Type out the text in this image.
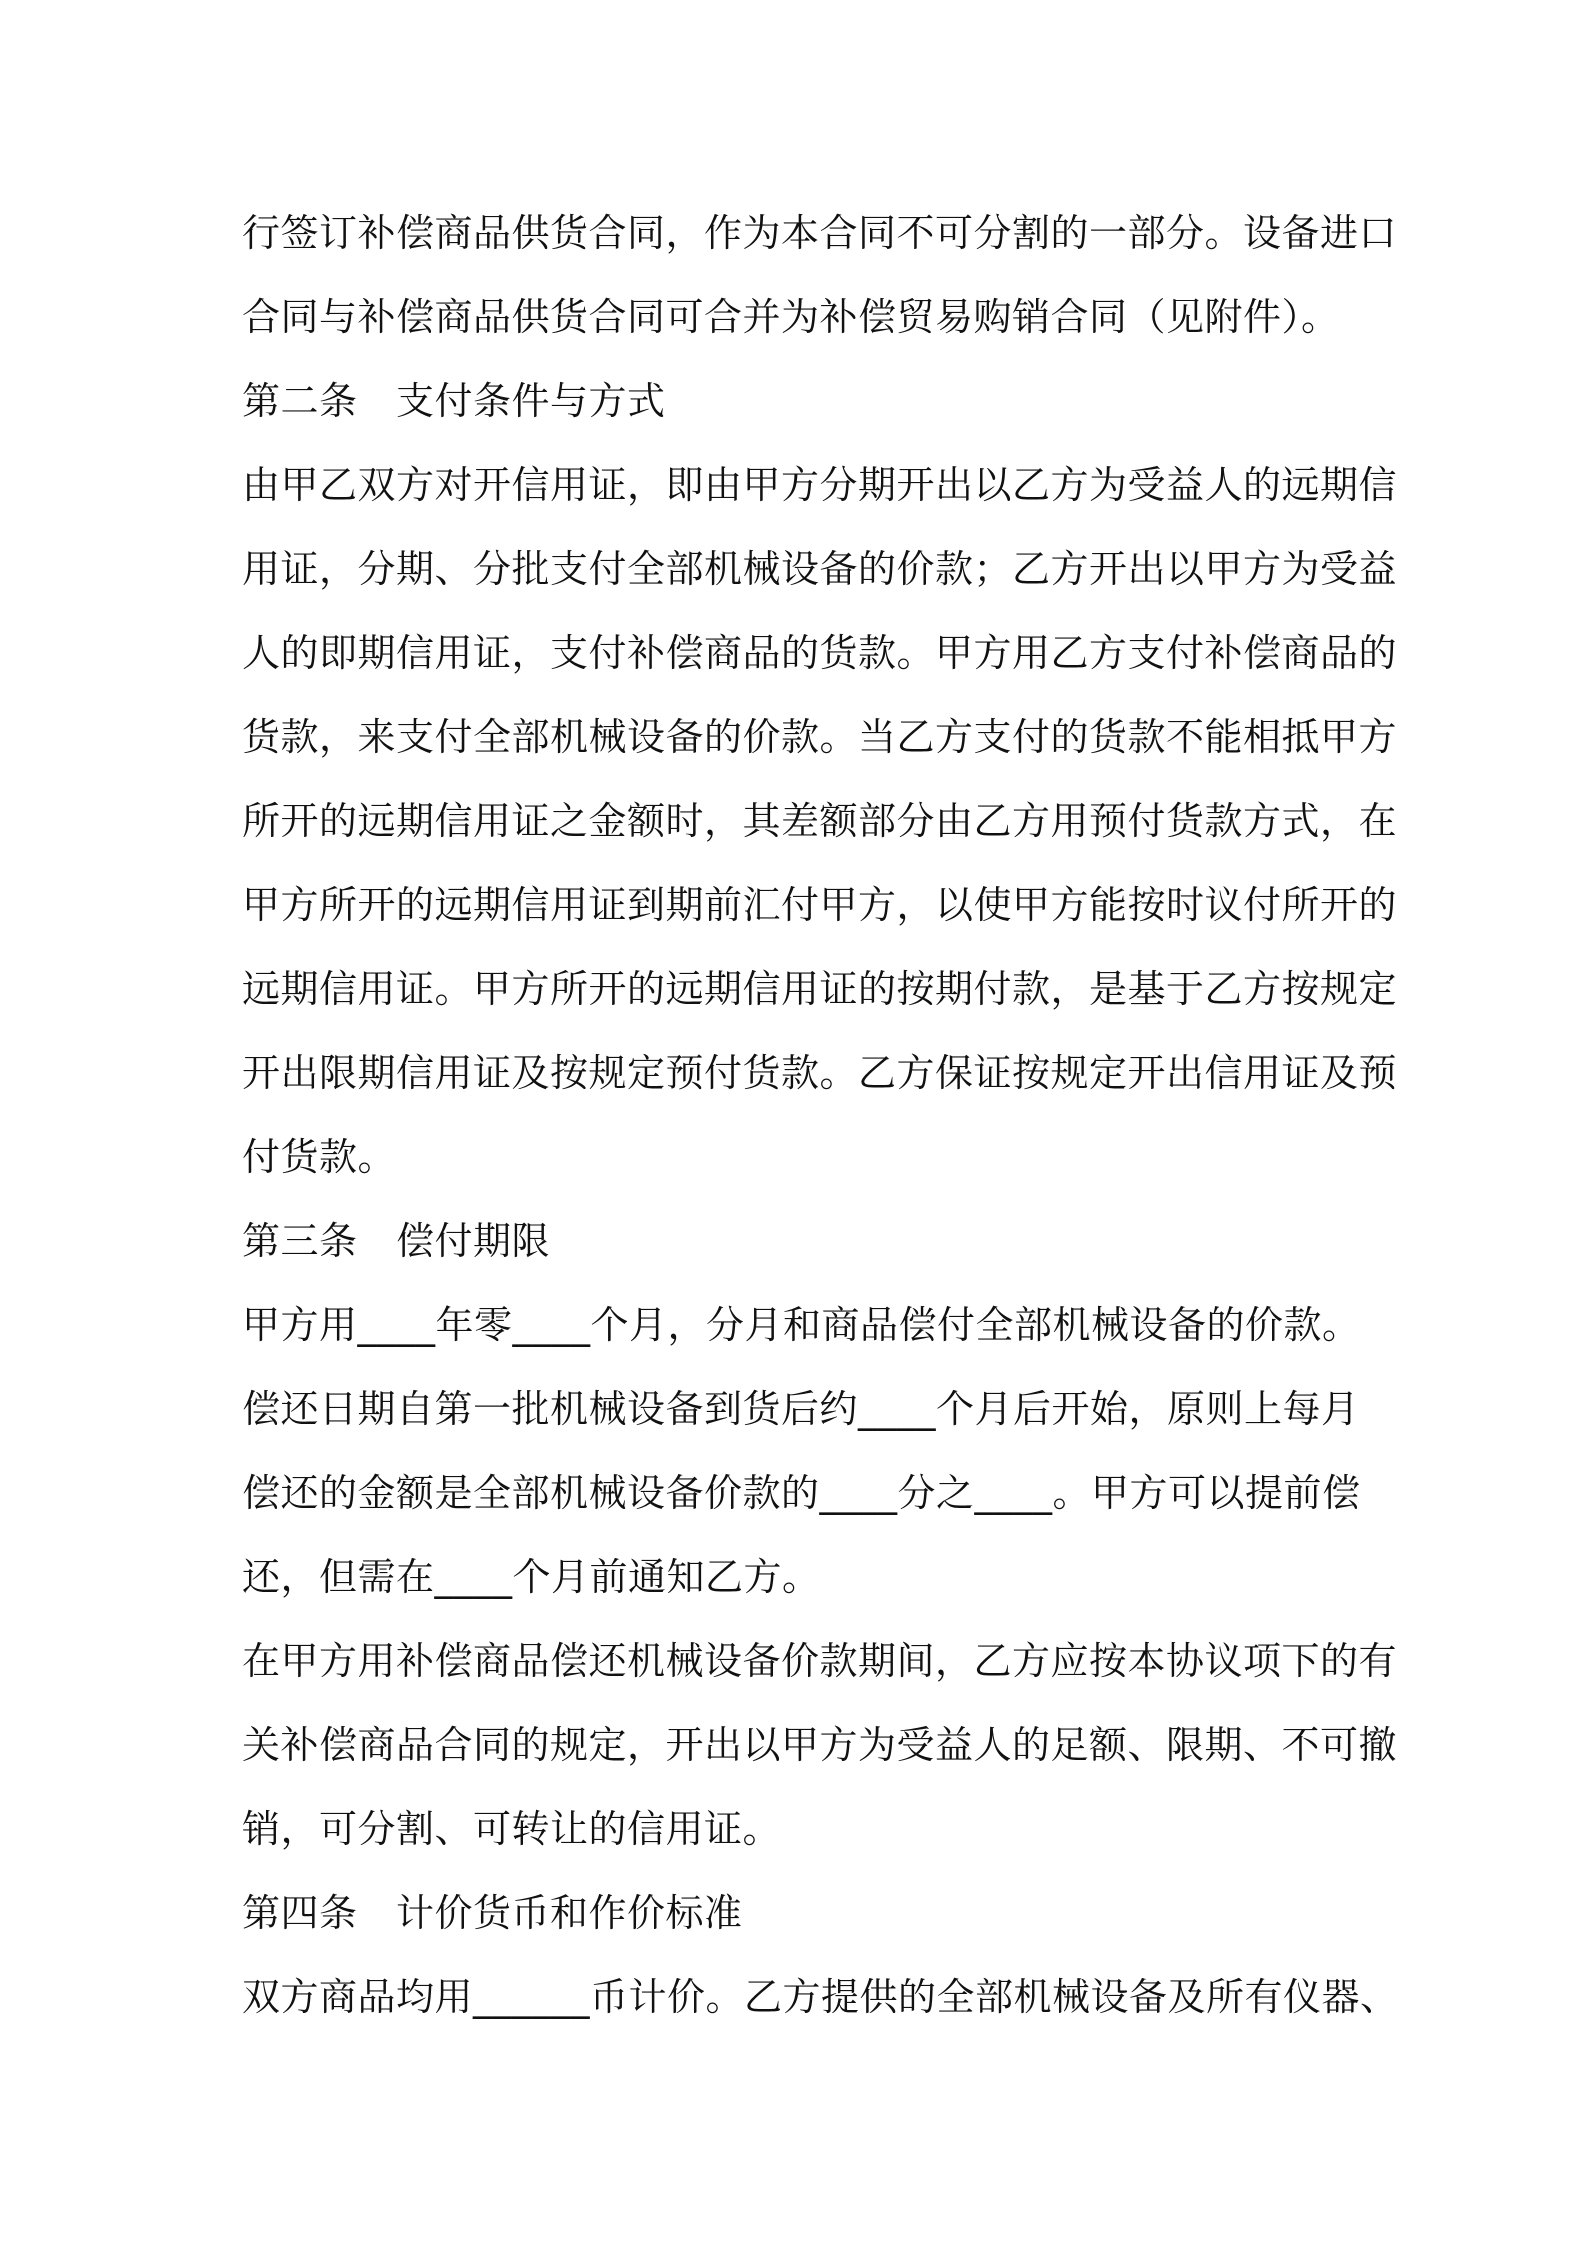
行签订补偿商品供货合同，作为本合同不可分割的一部分。设备进口
合同与补偿商品供货合同可合并为补偿贸易购销合同（见附件）。
第二条　支付条件与方式
由甲乙双方对开信用证，即由甲方分期开出以乙方为受益人的远期信
用证，分期、分批支付全部机械设备的价款；乙方开出以甲方为受益
人的即期信用证，支付补偿商品的货款。甲方用乙方支付补偿商品的
货款，来支付全部机械设备的价款。当乙方支付的货款不能相抵甲方
所开的远期信用证之金额时，其差额部分由乙方用预付货款方式，在
甲方所开的远期信用证到期前汇付甲方，以使甲方能按时议付所开的
远期信用证。甲方所开的远期信用证的按期付款，是基于乙方按规定
开出限期信用证及按规定预付货款。乙方保证按规定开出信用证及预
付货款。
第三条　偿付期限
甲方用____年零____个月，分月和商品偿付全部机械设备的价款。
偿还日期自第一批机械设备到货后约____个月后开始，原则上每月
偿还的金额是全部机械设备价款的____分之____。甲方可以提前偿
还，但需在____个月前通知乙方。
在甲方用补偿商品偿还机械设备价款期间，乙方应按本协议项下的有
关补偿商品合同的规定，开出以甲方为受益人的足额、限期、不可撤
销，可分割、可转让的信用证。
第四条　计价货币和作价标准
双方商品均用______币计价。乙方提供的全部机械设备及所有仪器、
